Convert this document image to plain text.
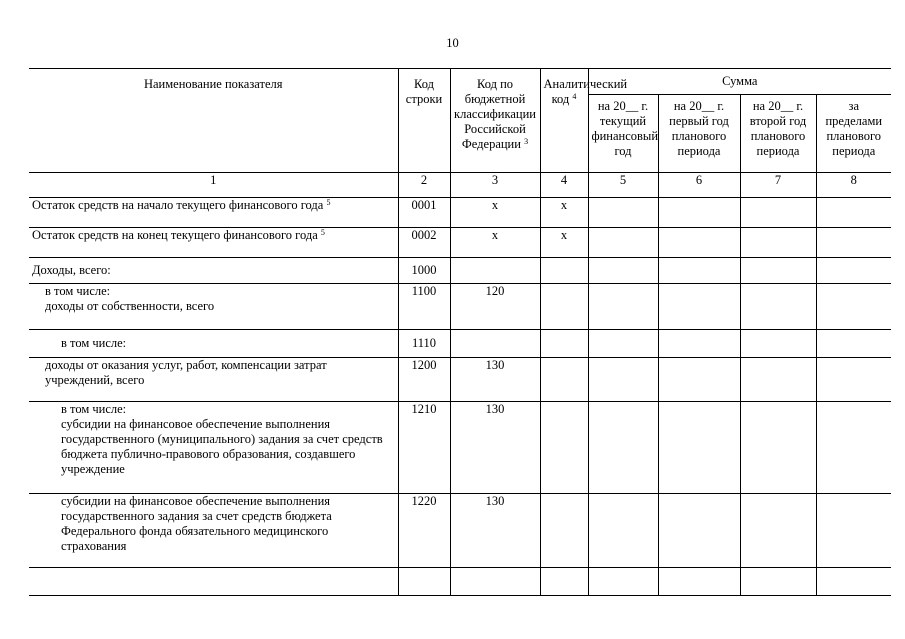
10
Наименование показателя	Код строки	Код по бюджетной классификации Российской Федерации $^3$	Аналитический код $^4$	Сумма			
				на 20__ г. текущий финансовый год	на 20__ г. первый год планового периода	на 20__ г. второй год планового периода	за пределами планового периода
1	2	3	4	5	6	7	8
Остаток средств на начало текущего финансового года $^5$	0001	x	x				
Остаток средств на конец текущего финансового года $^5$	0002	x	x				
Доходы, всего:	1000						

в том числе:
доходы от собственности, всего	1100	120					
в том числе:	1110						
доходы от оказания услуг, работ, компенсации затрат учреждений, всего	1200	130					

в том числе:
субсидии на финансовое обеспечение выполнения государственного (муниципального) задания за счет средств бюджета публично-правового образования, создавшего учреждение	1210	130					
субсидии на финансовое обеспечение выполнения государственного задания за счет средств бюджета Федерального фонда обязательного медицинского страхования	1220	130					
